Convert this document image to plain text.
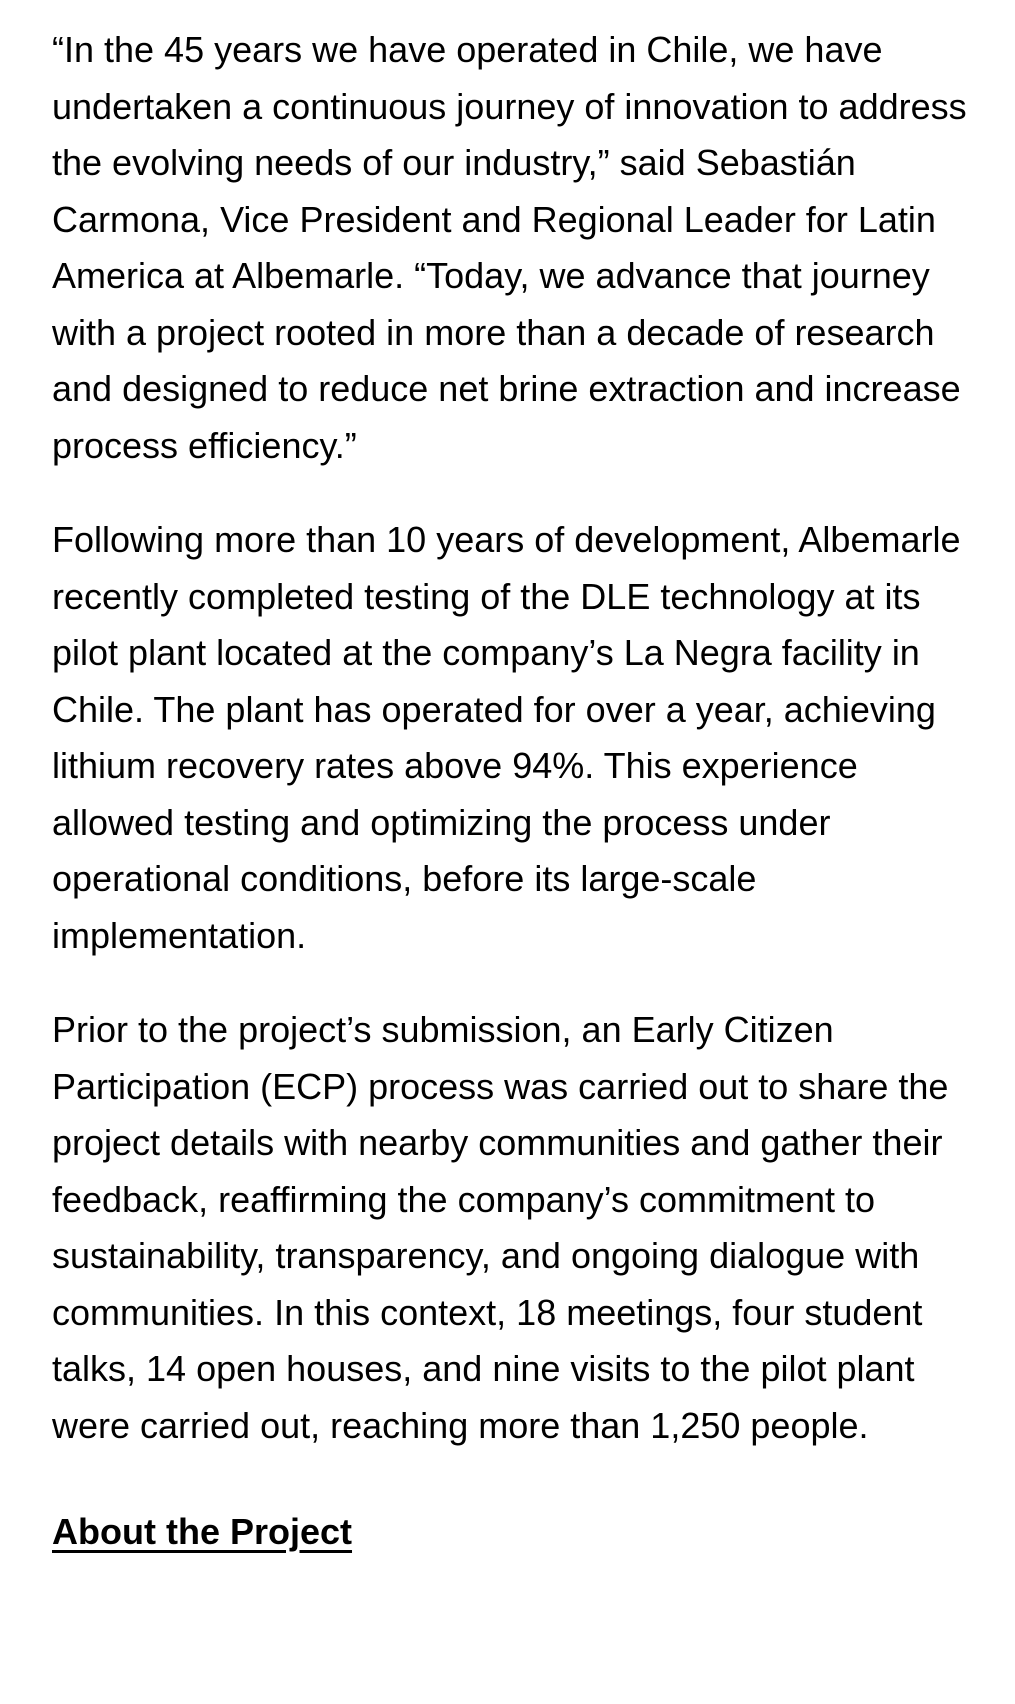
“In the 45 years we have operated in Chile, we have undertaken a continuous journey of innovation to address the evolving needs of our industry,” said Sebastián Carmona, Vice President and Regional Leader for Latin America at Albemarle. “Today, we advance that journey with a project rooted in more than a decade of research and designed to reduce net brine extraction and increase process efficiency.”

Following more than 10 years of development, Albemarle recently completed testing of the DLE technology at its pilot plant located at the company’s La Negra facility in Chile. The plant has operated for over a year, achieving lithium recovery rates above 94%. This experience allowed testing and optimizing the process under operational conditions, before its large-scale implementation.

Prior to the project’s submission, an Early Citizen Participation (ECP) process was carried out to share the project details with nearby communities and gather their feedback, reaffirming the company’s commitment to sustainability, transparency, and ongoing dialogue with communities. In this context, 18 meetings, four student talks, 14 open houses, and nine visits to the pilot plant were carried out, reaching more than 1,250 people.

About the Project
